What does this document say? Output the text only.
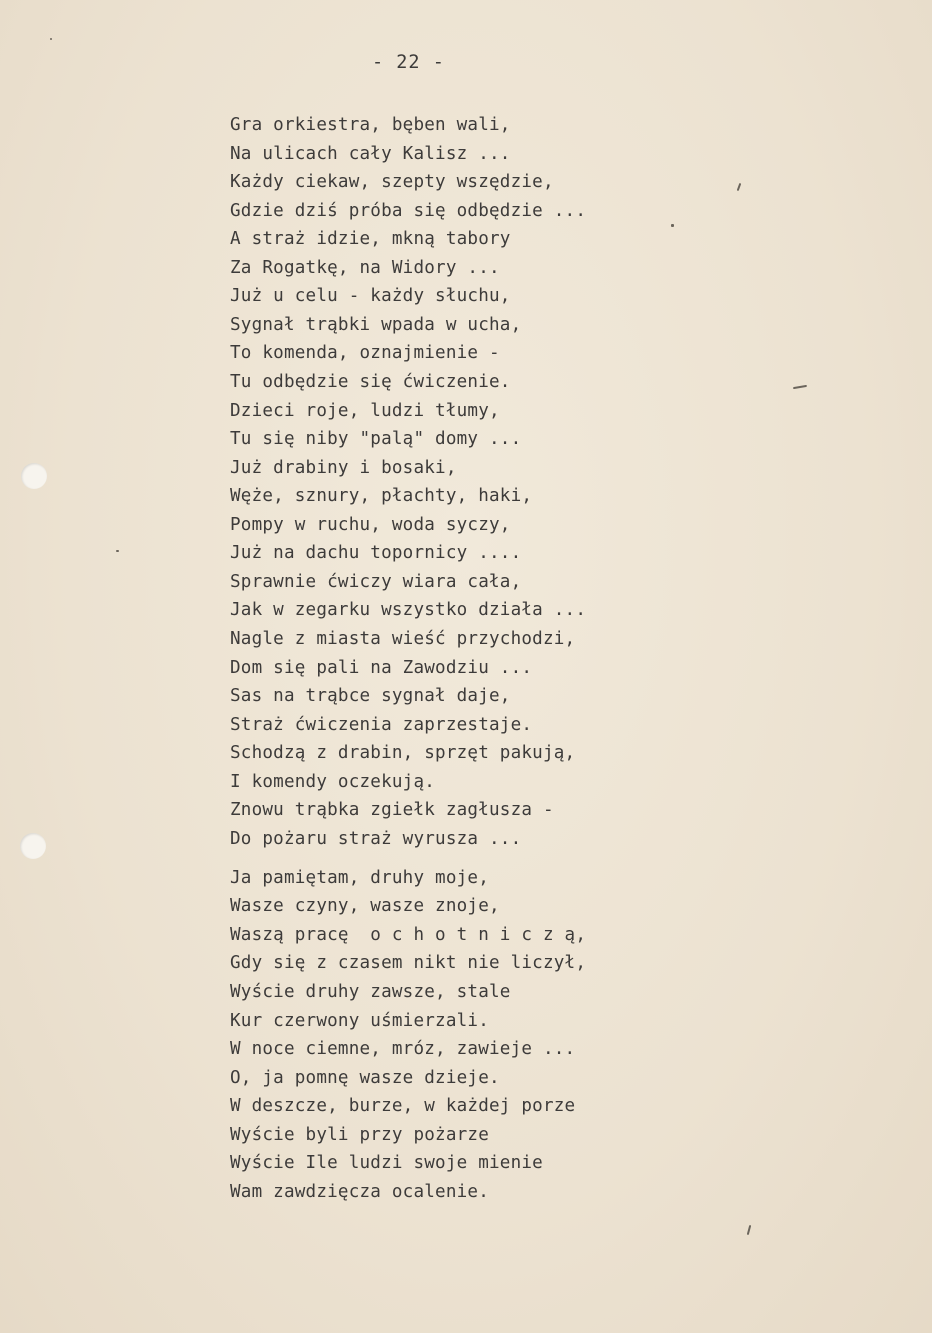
- 22 -
Gra orkiestra, bęben wali,
Na ulicach cały Kalisz ...
Każdy ciekaw, szepty wszędzie,
Gdzie dziś próba się odbędzie ...
A straż idzie, mkną tabory
Za Rogatkę, na Widory ...
Już u celu - każdy słuchu,
Sygnał trąbki wpada w ucha,
To komenda, oznajmienie -
Tu odbędzie się ćwiczenie.
Dzieci roje, ludzi tłumy,
Tu się niby "palą" domy ...
Już drabiny i bosaki,
Węże, sznury, płachty, haki,
Pompy w ruchu, woda syczy,
Już na dachu topornicy ....
Sprawnie ćwiczy wiara cała,
Jak w zegarku wszystko działa ...
Nagle z miasta wieść przychodzi,
Dom się pali na Zawodziu ...
Sas na trąbce sygnał daje,
Straż ćwiczenia zaprzestaje.
Schodzą z drabin, sprzęt pakują,
I komendy oczekują.
Znowu trąbka zgiełk zagłusza -
Do pożaru straż wyrusza ...
Ja pamiętam, druhy moje,
Wasze czyny, wasze znoje,
Waszą pracę  o c h o t n i c z ą,
Gdy się z czasem nikt nie liczył,
Wyście druhy zawsze, stale
Kur czerwony uśmierzali.
W noce ciemne, mróz, zawieje ...
O, ja pomnę wasze dzieje.
W deszcze, burze, w każdej porze
Wyście byli przy pożarze
Wyście Ile ludzi swoje mienie
Wam zawdzięcza ocalenie.
